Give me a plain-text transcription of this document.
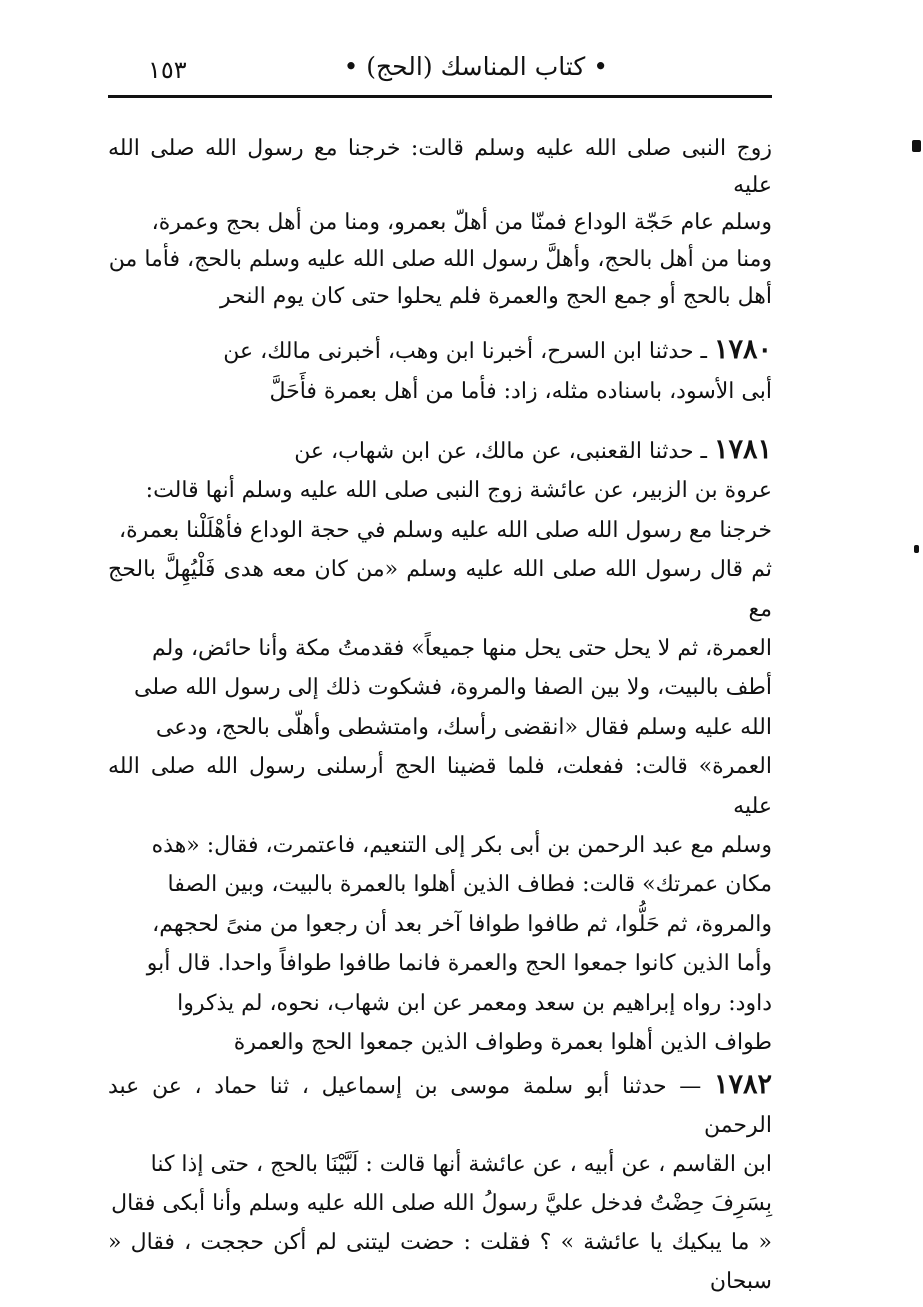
• كتاب المناسك (الحج) •
١٥٣
زوج النبى صلى الله عليه وسلم قالت: خرجنا مع رسول الله صلى الله عليه
وسلم عام حَجّة الوداع فمنّا من أهلّ بعمرو، ومنا من أهل بحج وعمرة،
ومنا من أهل بالحج، وأهلَّ رسول الله صلى الله عليه وسلم بالحج، فأما من
أهل بالحج أو جمع الحج والعمرة فلم يحلوا حتى كان يوم النحر
١٧٨٠ ـ حدثنا ابن السرح، أخبرنا ابن وهب، أخبرنى مالك، عن
أبى الأسود، باسناده مثله، زاد: فأما من أهل بعمرة فأَحَلَّ
١٧٨١ ـ حدثنا القعنبى، عن مالك، عن ابن شهاب، عن
عروة بن الزبير، عن عائشة زوج النبى صلى الله عليه وسلم أنها قالت:
خرجنا مع رسول الله صلى الله عليه وسلم في حجة الوداع فأهْلَلْنا بعمرة،
ثم قال رسول الله صلى الله عليه وسلم «من كان معه هدى فَلْيُهِلَّ بالحج مع
العمرة، ثم لا يحل حتى يحل منها جميعاً» فقدمتُ مكة وأنا حائض، ولم
أطف بالبيت، ولا بين الصفا والمروة، فشكوت ذلك إلى رسول الله صلى
الله عليه وسلم فقال «انقضى رأسك، وامتشطى وأهلّى بالحج، ودعى
العمرة» قالت: ففعلت، فلما قضينا الحج أرسلنى رسول الله صلى الله عليه
وسلم مع عبد الرحمن بن أبى بكر إلى التنعيم، فاعتمرت، فقال: «هذه
مكان عمرتك» قالت: فطاف الذين أهلوا بالعمرة بالبيت، وبين الصفا
والمروة، ثم حَلُّوا، ثم طافوا طوافا آخر بعد أن رجعوا من منىً لحجهم،
وأما الذين كانوا جمعوا الحج والعمرة فانما طافوا طوافاً واحدا. قال أبو
داود: رواه إبراهيم بن سعد ومعمر عن ابن شهاب، نحوه، لم يذكروا
طواف الذين أهلوا بعمرة وطواف الذين جمعوا الحج والعمرة
١٧٨٢ — حدثنا أبو سلمة موسى بن إسماعيل ، ثنا حماد ، عن عبد الرحمن
ابن القاسم ، عن أبيه ، عن عائشة أنها قالت : لَبَّيْنَا بالحج ، حتى إذا كنا
بِسَرِفَ حِضْتُ فدخل عليَّ رسولُ الله صلى الله عليه وسلم وأنا أبكى فقال
« ما يبكيك يا عائشة » ؟ فقلت : حضت ليتنى لم أكن حججت ، فقال « سبحان
